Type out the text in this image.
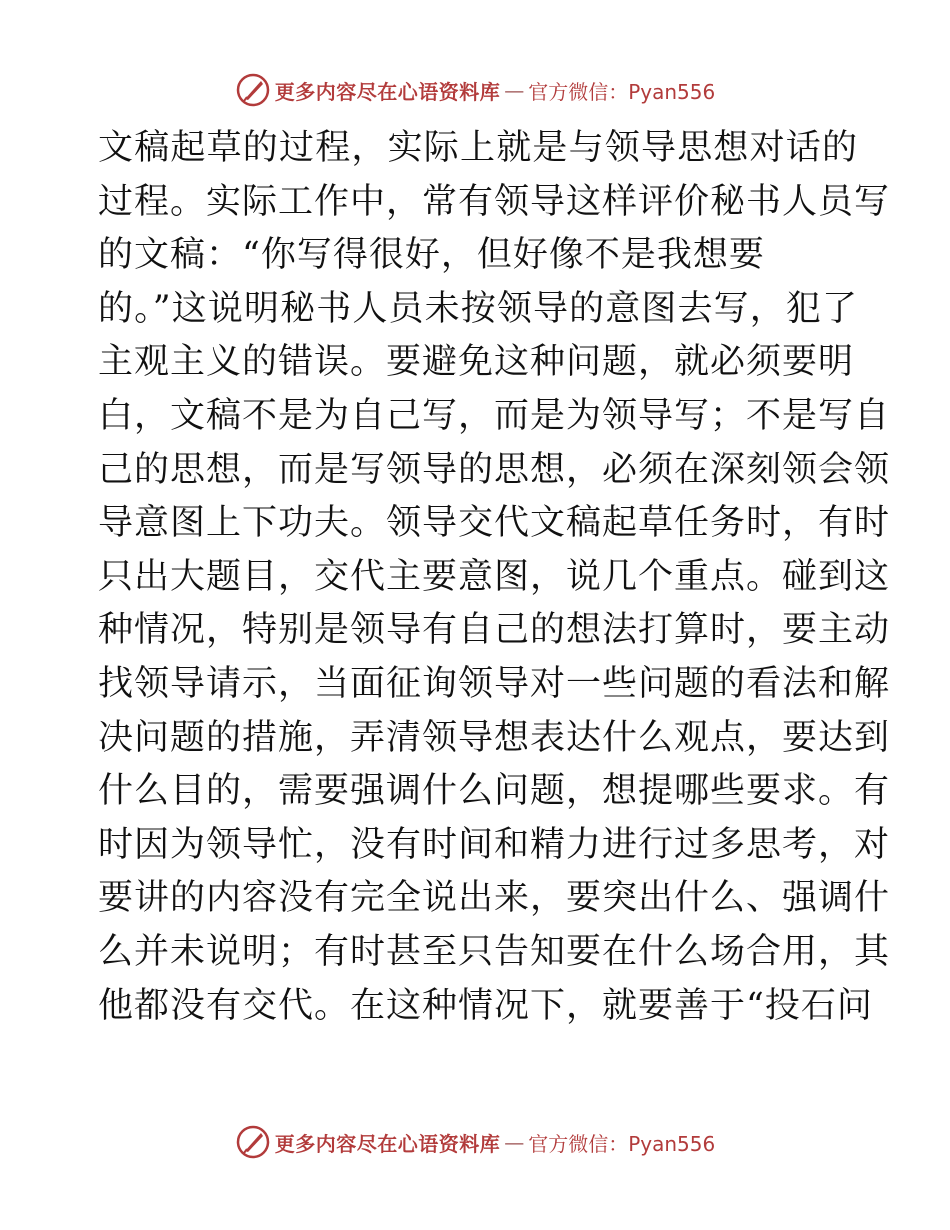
更多内容尽在心语资料库 — 官方微信：Pyan556
文稿起草的过程，实际上就是与领导思想对话的
过程。实际工作中，常有领导这样评价秘书人员写
的文稿：“你写得很好，但好像不是我想要
的。”这说明秘书人员未按领导的意图去写，犯了
主观主义的错误。要避免这种问题，就必须要明
白，文稿不是为自己写，而是为领导写；不是写自
己的思想，而是写领导的思想，必须在深刻领会领
导意图上下功夫。领导交代文稿起草任务时，有时
只出大题目，交代主要意图，说几个重点。碰到这
种情况，特别是领导有自己的想法打算时，要主动
找领导请示，当面征询领导对一些问题的看法和解
决问题的措施，弄清领导想表达什么观点，要达到
什么目的，需要强调什么问题，想提哪些要求。有
时因为领导忙，没有时间和精力进行过多思考，对
要讲的内容没有完全说出来，要突出什么、强调什
么并未说明；有时甚至只告知要在什么场合用，其
他都没有交代。在这种情况下，就要善于“投石问
更多内容尽在心语资料库 — 官方微信：Pyan556
